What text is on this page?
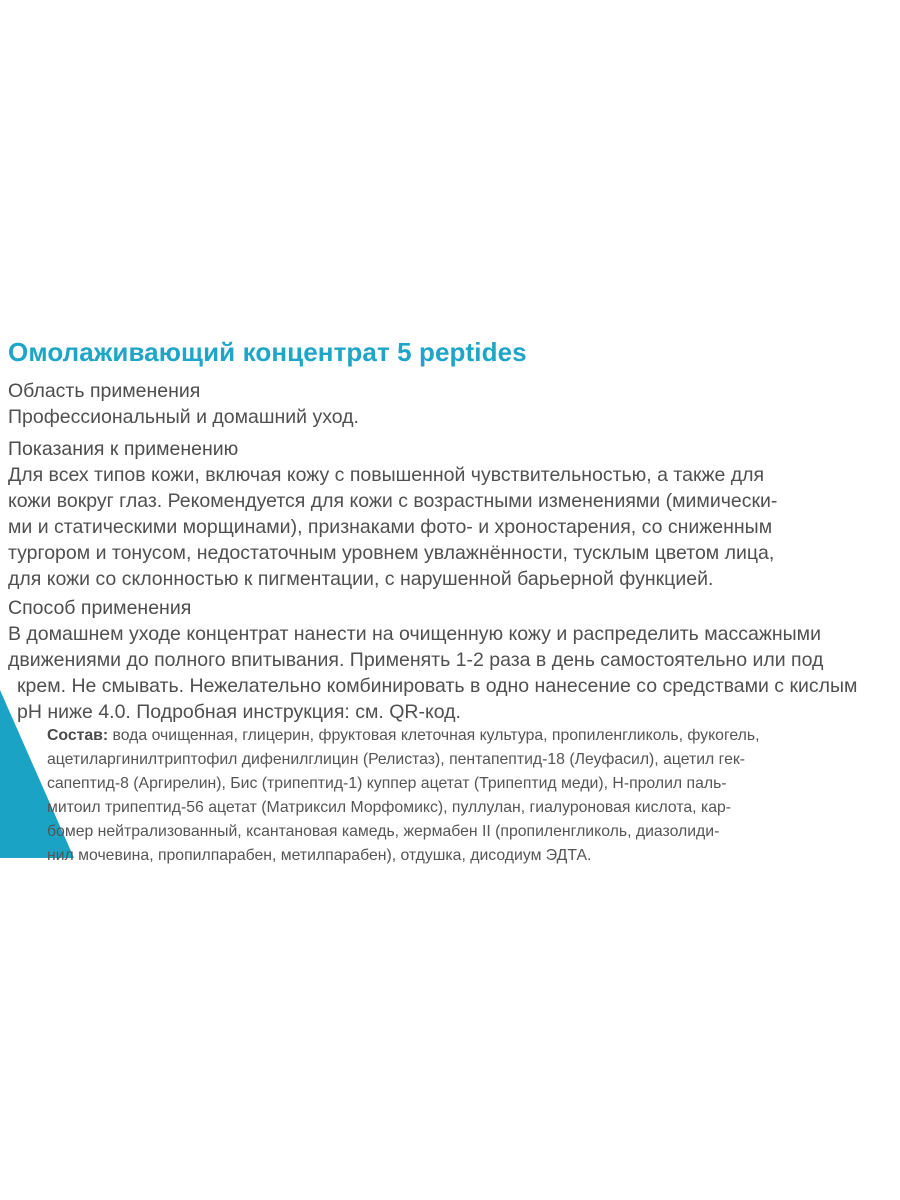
Омолаживающий концентрат 5 peptides
Область применения
Профессиональный и домашний уход.
Показания к применению
Для всех типов кожи, включая кожу с повышенной чувствительностью, а также для
кожи вокруг глаз. Рекомендуется для кожи с возрастными изменениями (мимически-
ми и статическими морщинами), признаками фото- и хроностарения, со сниженным
тургором и тонусом, недостаточным уровнем увлажнённости, тусклым цветом лица,
для кожи со склонностью к пигментации, с нарушенной барьерной функцией.
Способ применения
В домашнем уходе концентрат нанести на очищенную кожу и распределить массажными
движениями до полного впитывания. Применять 1-2 раза в день самостоятельно или под
крем. Не смывать. Нежелательно комбинировать в одно нанесение со средствами с кислым
pH ниже 4.0. Подробная инструкция: см. QR-код.
Состав: вода очищенная, глицерин, фруктовая клеточная культура, пропиленгликоль, фукогель,
ацетиларгинилтриптофил дифенилглицин (Релистаз), пентапептид-18 (Леуфасил), ацетил гек-
сапептид-8 (Аргирелин), Бис (трипептид-1) куппер ацетат (Трипептид меди), Н-пролил паль-
митоил трипептид-56 ацетат (Матриксил Морфомикс), пуллулан, гиалуроновая кислота, кар-
бомер нейтрализованный, ксантановая камедь, жермабен II (пропиленгликоль, диазолиди-
нил мочевина, пропилпарабен, метилпарабен), отдушка, дисодиум ЭДТА.
